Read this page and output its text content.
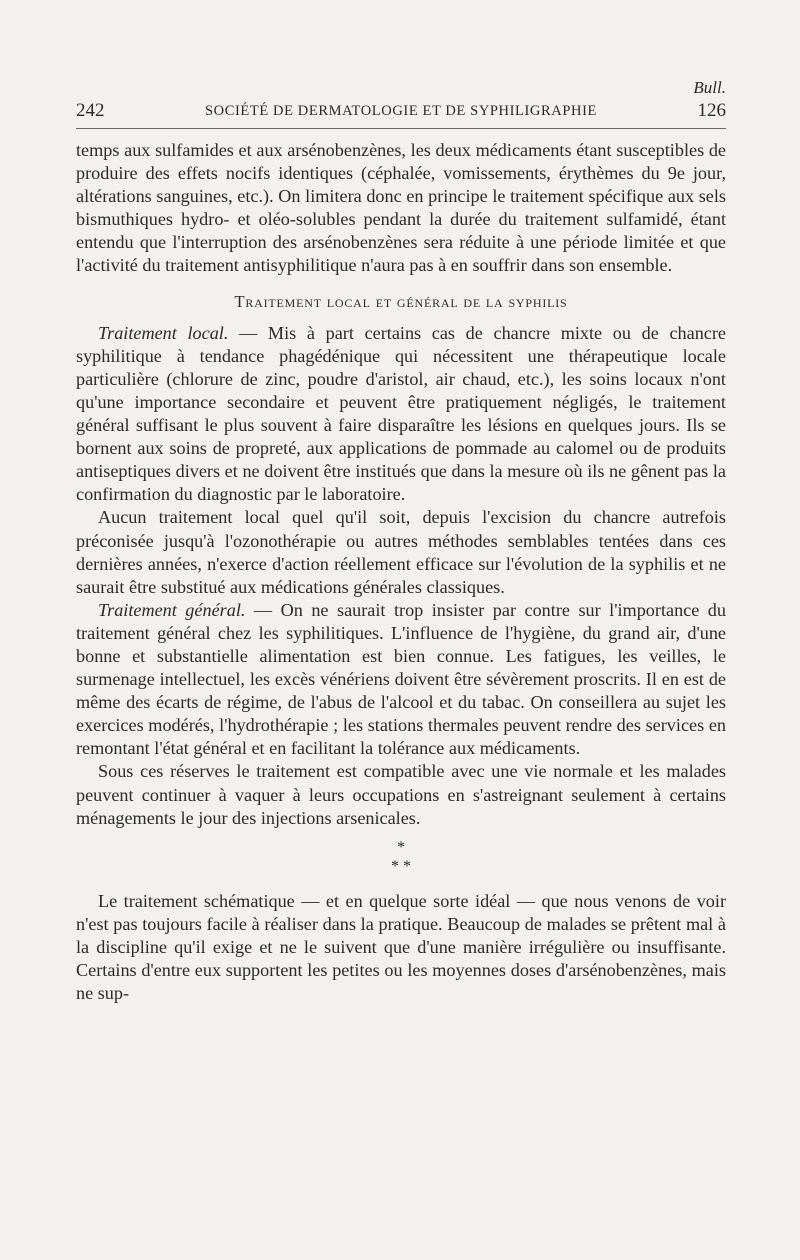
Bull.
242	SOCIÉTÉ DE DERMATOLOGIE ET DE SYPHILIGRAPHIE	126

temps aux sulfamides et aux arsénobenzènes, les deux médicaments étant susceptibles de produire des effets nocifs identiques (céphalée, vomissements, érythèmes du 9e jour, altérations sanguines, etc.). On limitera donc en principe le traitement spécifique aux sels bismuthiques hydro- et oléo-solubles pendant la durée du traitement sulfamidé, étant entendu que l'interruption des arsénobenzènes sera réduite à une période limitée et que l'activité du traitement antisyphilitique n'aura pas à en souffrir dans son ensemble.

Traitement local et général de la syphilis

Traitement local. — Mis à part certains cas de chancre mixte ou de chancre syphilitique à tendance phagédénique qui nécessitent une thérapeutique locale particulière (chlorure de zinc, poudre d'aristol, air chaud, etc.), les soins locaux n'ont qu'une importance secondaire et peuvent être pratiquement négligés, le traitement général suffisant le plus souvent à faire disparaître les lésions en quelques jours. Ils se bornent aux soins de propreté, aux applications de pommade au calomel ou de produits antiseptiques divers et ne doivent être institués que dans la mesure où ils ne gênent pas la confirmation du diagnostic par le laboratoire.

Aucun traitement local quel qu'il soit, depuis l'excision du chancre autrefois préconisée jusqu'à l'ozonothérapie ou autres méthodes semblables tentées dans ces dernières années, n'exerce d'action réellement efficace sur l'évolution de la syphilis et ne saurait être substitué aux médications générales classiques.

Traitement général. — On ne saurait trop insister par contre sur l'importance du traitement général chez les syphilitiques. L'influence de l'hygiène, du grand air, d'une bonne et substantielle alimentation est bien connue. Les fatigues, les veilles, le surmenage intellectuel, les excès vénériens doivent être sévèrement proscrits. Il en est de même des écarts de régime, de l'abus de l'alcool et du tabac. On conseillera au sujet les exercices modérés, l'hydrothérapie ; les stations thermales peuvent rendre des services en remontant l'état général et en facilitant la tolérance aux médicaments.

Sous ces réserves le traitement est compatible avec une vie normale et les malades peuvent continuer à vaquer à leurs occupations en s'astreignant seulement à certains ménagements le jour des injections arsenicales.

*
* *

Le traitement schématique — et en quelque sorte idéal — que nous venons de voir n'est pas toujours facile à réaliser dans la pratique. Beaucoup de malades se prêtent mal à la discipline qu'il exige et ne le suivent que d'une manière irrégulière ou insuffisante. Certains d'entre eux supportent les petites ou les moyennes doses d'arsénobenzènes, mais ne sup-
